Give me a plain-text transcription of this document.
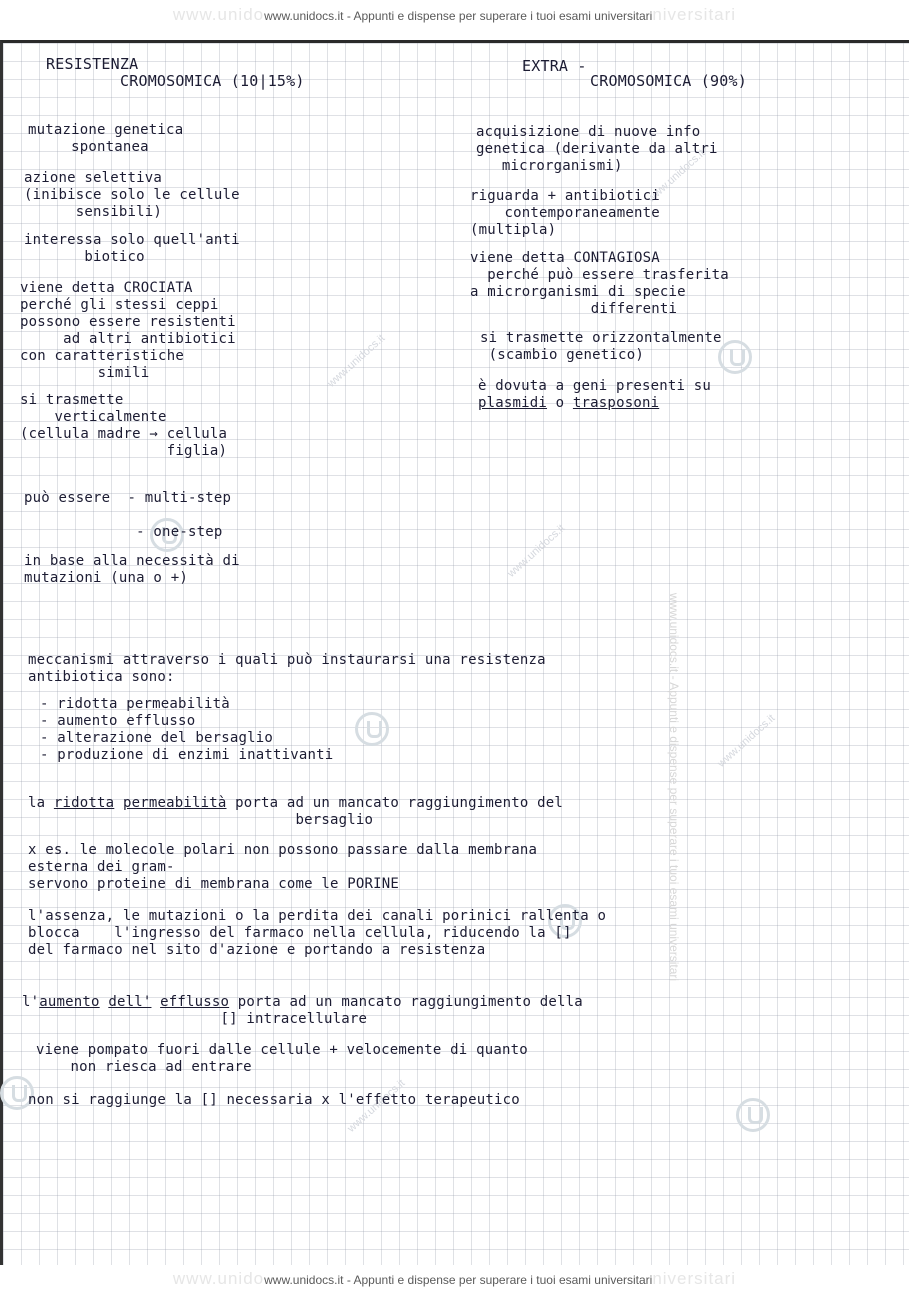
www.unidowww.unidocs.it - Appunti e dispense per superare i tuoi esami universitariniversitari
www.unidocs.it - Appunti e dispense per superare i tuoi esami universitari
www.unidocs.it
www.unidocs.it
www.unidocs.it
www.unidocs.it
www.unidocs.it
RESISTENZA
CROMOSOMICA (10|15%)
mutazione genetica
spontanea
azione selettiva
(inibisce solo le cellule
sensibili)
interessa solo quell'anti
biotico
viene detta CROCIATA
perché gli stessi ceppi
possono essere resistenti
ad altri antibiotici
con caratteristiche
simili
si trasmette
verticalmente
(cellula madre → cellula
figlia)
può essere  - multi-step

- one-step
in base alla necessità di
mutazioni (una o +)
EXTRA -
CROMOSOMICA (90%)
acquisizione di nuove info
genetica (derivante da altri
microrganismi)
riguarda + antibiotici
contemporaneamente
(multipla)
viene detta CONTAGIOSA
perché può essere trasferita
a microrganismi di specie
differenti
si trasmette orizzontalmente
(scambio genetico)
è dovuta a geni presenti su

plasmidi o trasposoni
meccanismi attraverso i quali può instaurarsi una resistenza
antibiotica sono:
- ridotta permeabilità
- aumento efflusso
- alterazione del bersaglio
- produzione di enzimi inattivanti
la ridotta permeabilità porta ad un mancato raggiungimento del
bersaglio
x es. le molecole polari non possono passare dalla membrana
esterna dei gram-
servono proteine di membrana come le PORINE
l'assenza, le mutazioni o la perdita dei canali porinici rallenta o
blocca    l'ingresso del farmaco nella cellula, riducendo la []
del farmaco nel sito d'azione e portando a resistenza
l'aumento dell' efflusso porta ad un mancato raggiungimento della
[] intracellulare
viene pompato fuori dalle cellule + velocemente di quanto
non riesca ad entrare
non si raggiunge la [] necessaria x l'effetto terapeutico
www.unidowww.unidocs.it - Appunti e dispense per superare i tuoi esami universitariniversitari
